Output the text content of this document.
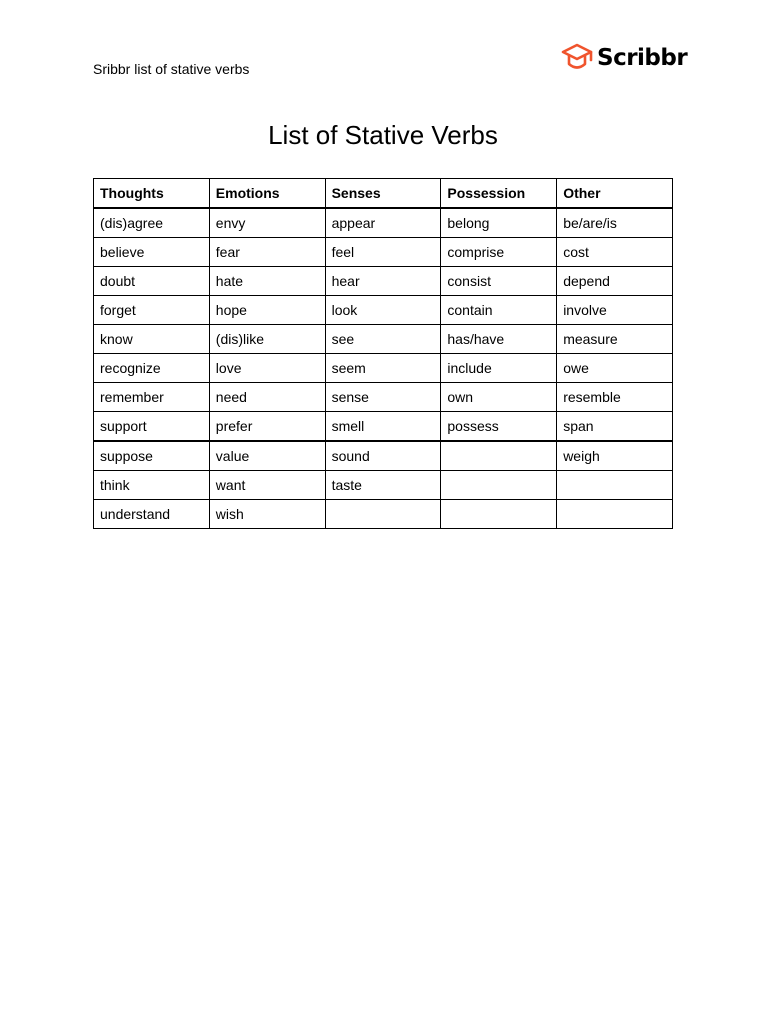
Sribbr list of stative verbs	Scribbr
List of Stative Verbs
Thoughts	Emotions	Senses	Possession	Other
(dis)agree	envy	appear	belong	be/are/is
believe	fear	feel	comprise	cost
doubt	hate	hear	consist	depend
forget	hope	look	contain	involve
know	(dis)like	see	has/have	measure
recognize	love	seem	include	owe
remember	need	sense	own	resemble
support	prefer	smell	possess	span
suppose	value	sound		weigh
think	want	taste		
understand	wish			
